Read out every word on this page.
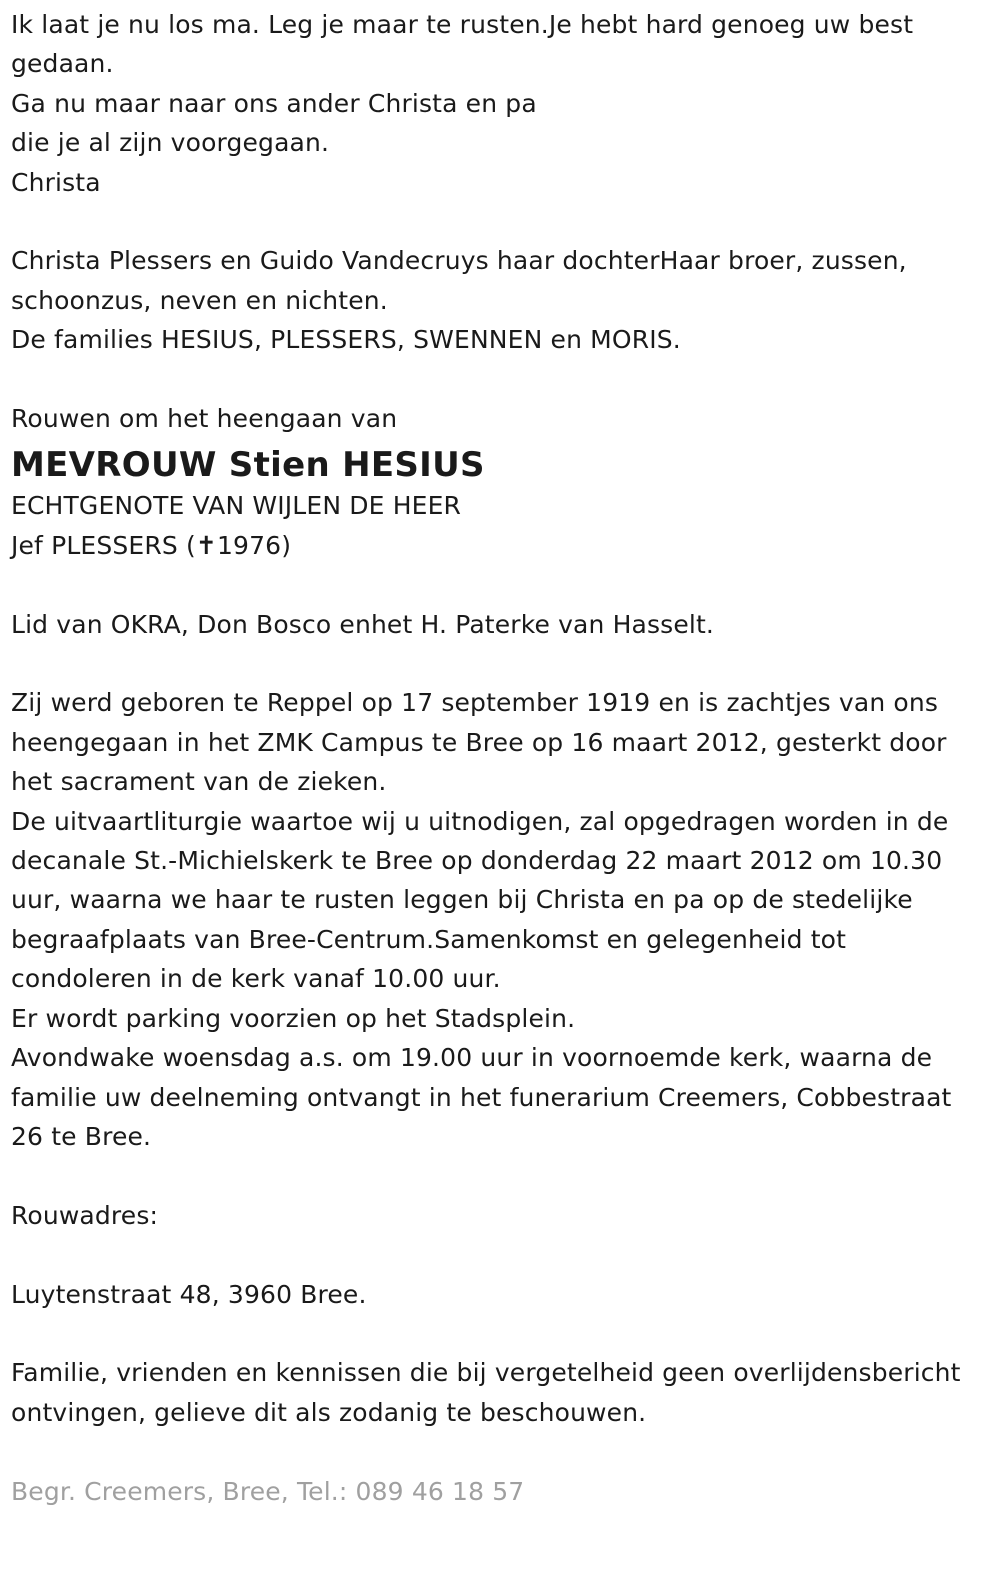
Ik laat je nu los ma. Leg je maar te rusten.Je hebt hard genoeg uw best gedaan.

Ga nu maar naar ons ander Christa en pa

die je al zijn voorgegaan.

Christa

Christa Plessers en Guido Vandecruys haar dochterHaar broer, zussen, schoonzus, neven en nichten.

De families HESIUS, PLESSERS, SWENNEN en MORIS.

Rouwen om het heengaan van

MEVROUW Stien HESIUS

ECHTGENOTE VAN WIJLEN DE HEER

Jef PLESSERS (✝1976)

Lid van OKRA, Don Bosco enhet H. Paterke van Hasselt.

Zij werd geboren te Reppel op 17 september 1919 en is zachtjes van ons heengegaan in het ZMK Campus te Bree op 16 maart 2012, gesterkt door het sacrament van de zieken.

De uitvaartliturgie waartoe wij u uitnodigen, zal opgedragen worden in de decanale St.-Michielskerk te Bree op donderdag 22 maart 2012 om 10.30 uur, waarna we haar te rusten leggen bij Christa en pa op de stedelijke begraafplaats van Bree-Centrum.Samenkomst en gelegenheid tot condoleren in de kerk vanaf 10.00 uur.

Er wordt parking voorzien op het Stadsplein.

Avondwake woensdag a.s. om 19.00 uur in voornoemde kerk, waarna de familie uw deelneming ontvangt in het funerarium Creemers, Cobbestraat 26 te Bree.

Rouwadres:

Luytenstraat 48, 3960 Bree.

Familie, vrienden en kennissen die bij vergetelheid geen overlijdensbericht ontvingen, gelieve dit als zodanig te beschouwen.

Begr. Creemers, Bree, Tel.: 089 46 18 57
